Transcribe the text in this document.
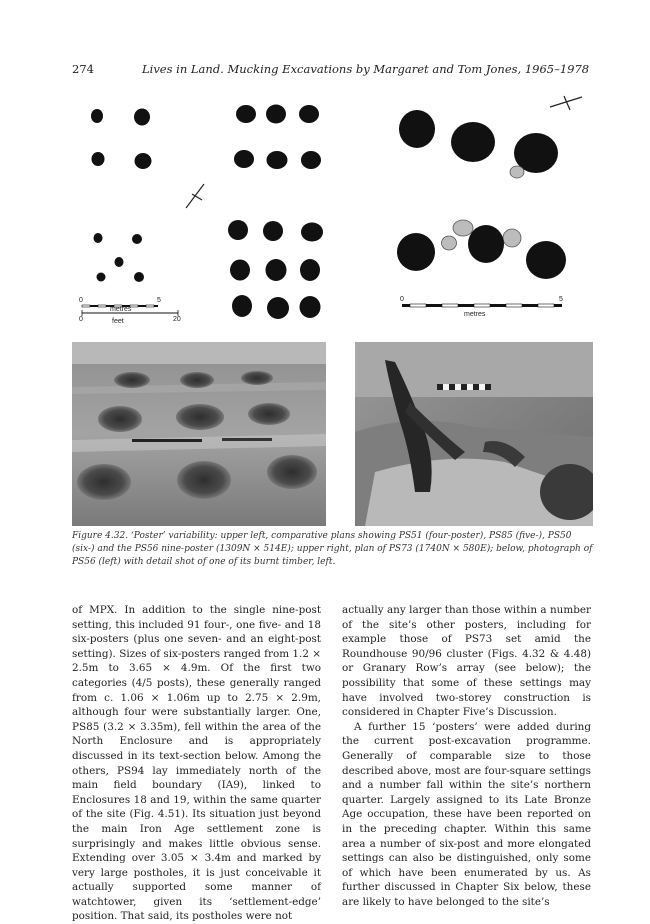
274	Lives in Land. Mucking Excavations by Margaret and Tom Jones, 1965–1978
0	5
metres
0	20
feet
0	5
metres
Figure 4.32. ‘Poster’ variability: upper left, comparative plans showing PS51 (four-poster), PS85 (five-), PS50 (six-) and the PS56 nine-poster (1309N × 514E); upper right, plan of PS73 (1740N × 580E); below, photograph of PS56 (left) with detail shot of one of its burnt timber, left.

of MPX. In addition to the single nine-post setting, this included 91 four-, one five- and 18 six-posters (plus one seven- and an eight-post setting). Sizes of six-posters ranged from 1.2 × 2.5m to 3.65 × 4.9m. Of the first two categories (4/5 posts), these generally ranged from c. 1.06 × 1.06m up to 2.75 × 2.9m, although four were substantially larger. One, PS85 (3.2 × 3.35m), fell within the area of the North Enclosure and is appropriately discussed in its text-section below. Among the others, PS94 lay immediately north of the main field boundary (IA9), linked to Enclosures 18 and 19, within the same quarter of the site (Fig. 4.51). Its situation just beyond the main Iron Age settlement zone is surprisingly and makes little obvious sense. Extending over 3.05 × 3.4m and marked by very large postholes, it is just conceivable it actually supported some manner of watchtower, given its ‘settlement-edge’ position. That said, its postholes were not

actually any larger than those within a number of the site’s other posters, including for example those of PS73 set amid the Roundhouse 90/96 cluster (Figs. 4.32 & 4.48) or Granary Row’s array (see below); the possibility that some of these settings may have involved two-storey construction is considered in Chapter Five’s Discussion.

A further 15 ‘posters’ were added during the current post-excavation programme. Generally of comparable size to those described above, most are four-square settings and a number fall within the site’s northern quarter. Largely assigned to its Late Bronze Age occupation, these have been reported on in the preceding chapter. Within this same area a number of six-post and more elongated settings can also be distinguished, only some of which have been enumerated by us. As further discussed in Chapter Six below, these are likely to have belonged to the site’s
